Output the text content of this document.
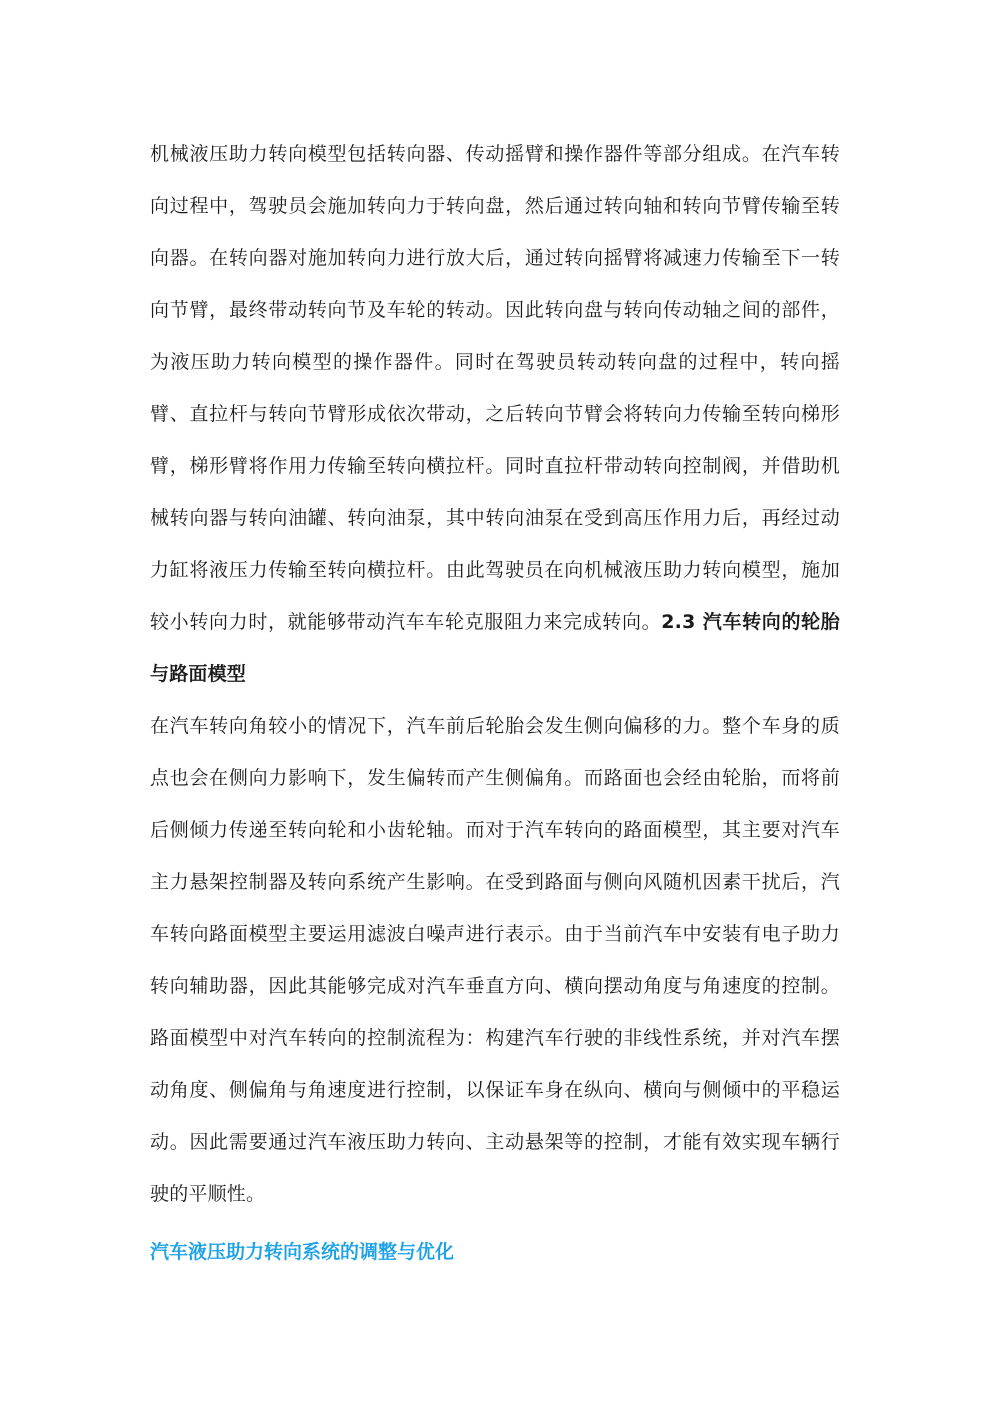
机械液压助力转向模型包括转向器、传动摇臂和操作器件等部分组成。在汽车转向过程中，驾驶员会施加转向力于转向盘，然后通过转向轴和转向节臂传输至转向器。在转向器对施加转向力进行放大后，通过转向摇臂将减速力传输至下一转向节臂，最终带动转向节及车轮的转动。因此转向盘与转向传动轴之间的部件，为液压助力转向模型的操作器件。同时在驾驶员转动转向盘的过程中，转向摇臂、直拉杆与转向节臂形成依次带动，之后转向节臂会将转向力传输至转向梯形臂，梯形臂将作用力传输至转向横拉杆。同时直拉杆带动转向控制阀，并借助机械转向器与转向油罐、转向油泵，其中转向油泵在受到高压作用力后，再经过动力缸将液压力传输至转向横拉杆。由此驾驶员在向机械液压助力转向模型，施加较小转向力时，就能够带动汽车车轮克服阻力来完成转向。2.3 汽车转向的轮胎与路面模型

在汽车转向角较小的情况下，汽车前后轮胎会发生侧向偏移的力。整个车身的质点也会在侧向力影响下，发生偏转而产生侧偏角。而路面也会经由轮胎，而将前后侧倾力传递至转向轮和小齿轮轴。而对于汽车转向的路面模型，其主要对汽车主力悬架控制器及转向系统产生影响。在受到路面与侧向风随机因素干扰后，汽车转向路面模型主要运用滤波白噪声进行表示。由于当前汽车中安装有电子助力转向辅助器，因此其能够完成对汽车垂直方向、横向摆动角度与角速度的控制。路面模型中对汽车转向的控制流程为：构建汽车行驶的非线性系统，并对汽车摆动角度、侧偏角与角速度进行控制，以保证车身在纵向、横向与侧倾中的平稳运动。因此需要通过汽车液压助力转向、主动悬架等的控制，才能有效实现车辆行驶的平顺性。

汽车液压助力转向系统的调整与优化
